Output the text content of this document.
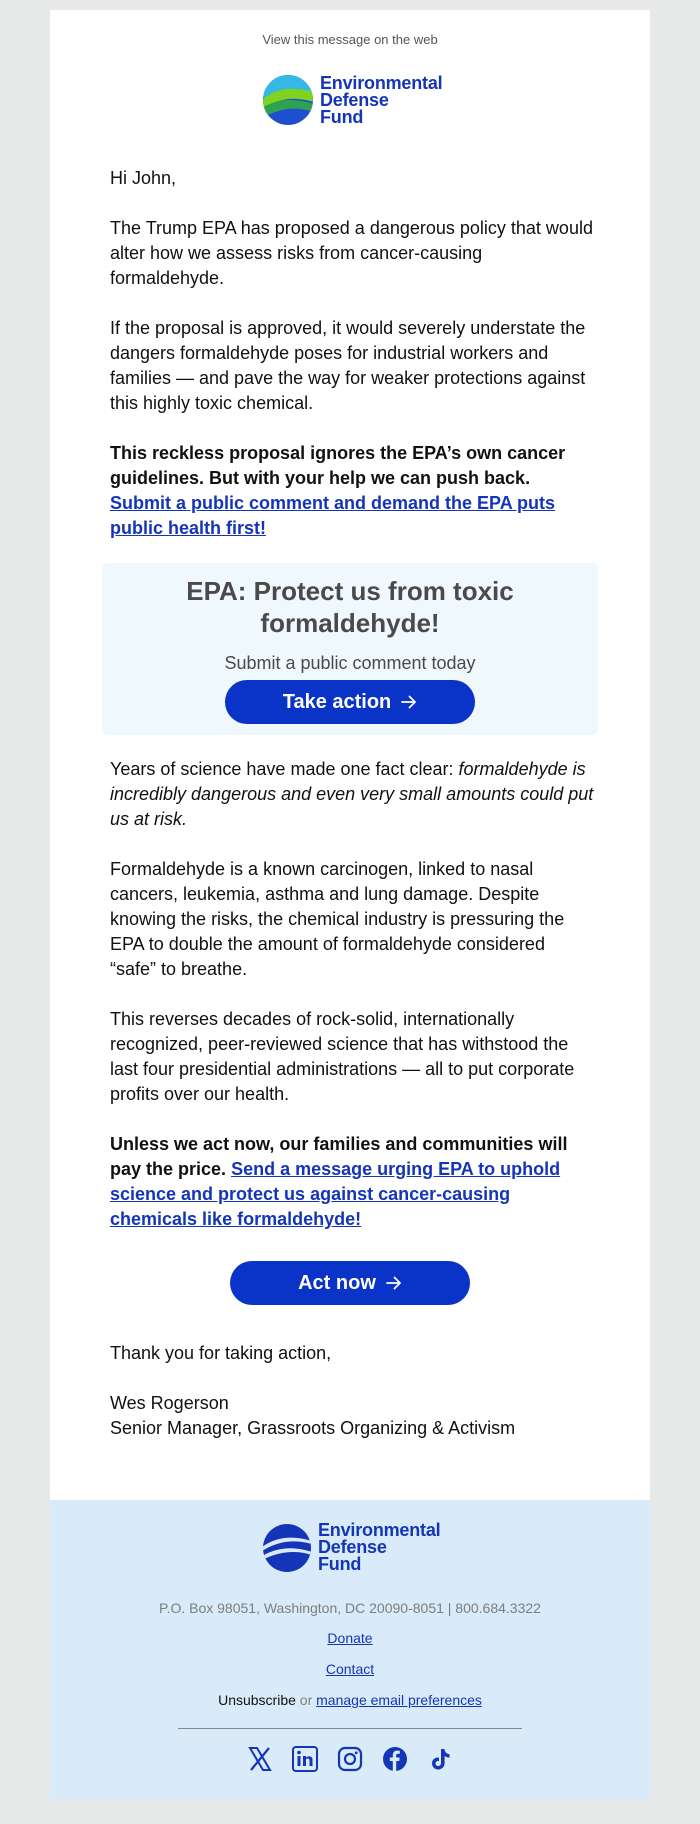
View this message on the web
Environmental
Defense
Fund

Hi John,

The Trump EPA has proposed a dangerous policy that would alter how we assess risks from cancer-causing formaldehyde.

If the proposal is approved, it would severely understate the dangers formaldehyde poses for industrial workers and families — and pave the way for weaker protections against this highly toxic chemical.

This reckless proposal ignores the EPA’s own cancer guidelines. But with your help we can push back. Submit a public comment and demand the EPA puts public health first!

EPA: Protect us from toxic formaldehyde!
Submit a public comment today
Take action

Years of science have made one fact clear: formaldehyde is incredibly dangerous and even very small amounts could put us at risk.

Formaldehyde is a known carcinogen, linked to nasal cancers, leukemia, asthma and lung damage. Despite knowing the risks, the chemical industry is pressuring the EPA to double the amount of formaldehyde considered “safe” to breathe.

This reverses decades of rock-solid, internationally recognized, peer-reviewed science that has withstood the last four presidential administrations — all to put corporate profits over our health.

Unless we act now, our families and communities will pay the price. Send a message urging EPA to uphold science and protect us against cancer-causing chemicals like formaldehyde!

Act now

Thank you for taking action,

Wes Rogerson

Senior Manager, Grassroots Organizing & Activism

Environmental
Defense
Fund
P.O. Box 98051, Washington, DC 20090-8051 | 800.684.3322
Donate
Contact
Unsubscribe or manage email preferences
